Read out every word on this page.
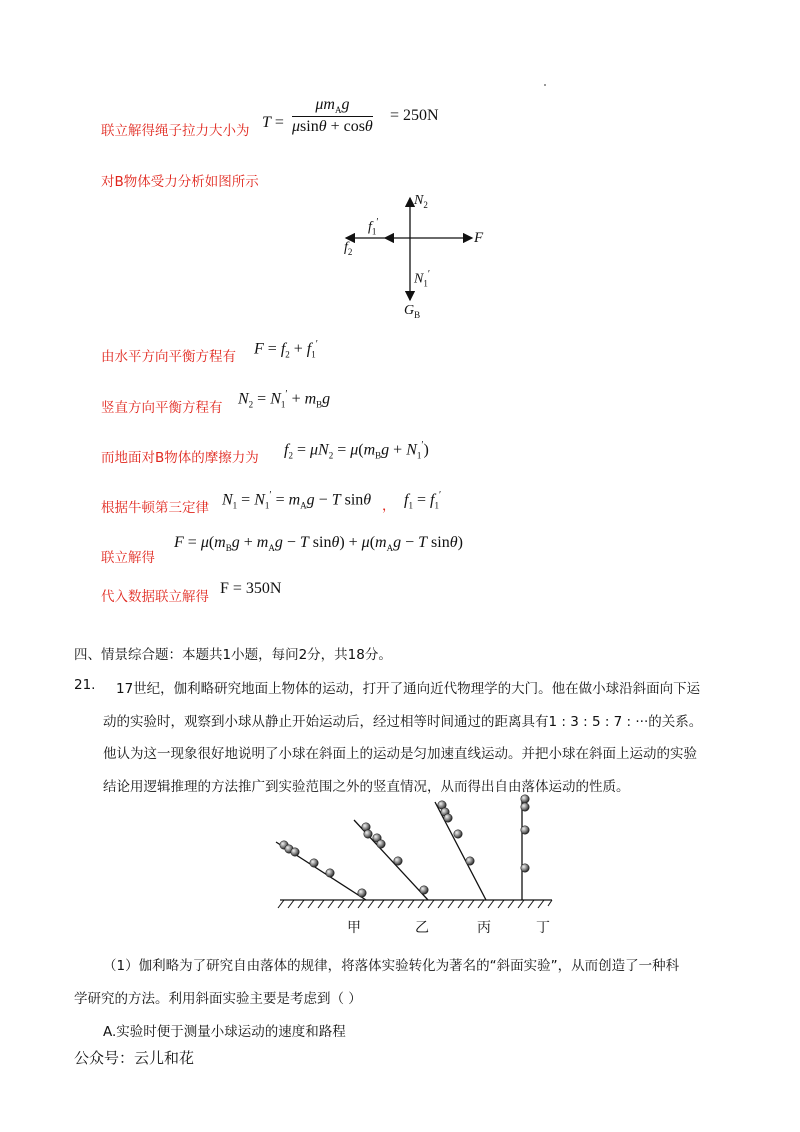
联立解得绳子拉力大小为 T =
$\mu m_Ag$
μsinθ + cosθ
= 250N
对B物体受力分析如图所示
$N_2$
$f_1'$
$f_2$
F
$N_1'$
$G_B$
由水平方向平衡方程有 $F = f_2 + f_1'$
竖直方向平衡方程有
$N_2 = N_1' + m_Bg$
而地面对B物体的摩擦力为 $f_2 = \mu N_2 = \mu(m_Bg + N_1')$
根据牛顿第三定律 $N_1 = N_1' = m_Ag - T$ sinθ ， $f_1 = f_1'$
联立解得
$F = \mu(m_Bg + m_Ag - T$ $\sin\theta) + \mu(m_Ag - T$ sinθ)
代入数据联立解得 F = 350N
四、情景综合题：本题共1小题，每问2分，共18分。
21. 17世纪，伽利略研究地面上物体的运动，打开了通向近代物理学的大门。他在做小球沿斜面向下运
动的实验时，观察到小球从静止开始运动后，经过相等时间通过的距离具有1 : 3 : 5 : 7 : ···的关系。
他认为这一现象很好地说明了小球在斜面上的运动是匀加速直线运动。并把小球在斜面上运动的实验
结论用逻辑推理的方法推广到实验范围之外的竖直情况，从而得出自由落体运动的性质。
甲	乙	丙	丁
（1）伽利略为了研究自由落体的规律，将落体实验转化为著名的“斜面实验”，从而创造了一种科
学研究的方法。利用斜面实验主要是考虑到（ ）
A.实验时便于测量小球运动的速度和路程
公众号：云儿和花
